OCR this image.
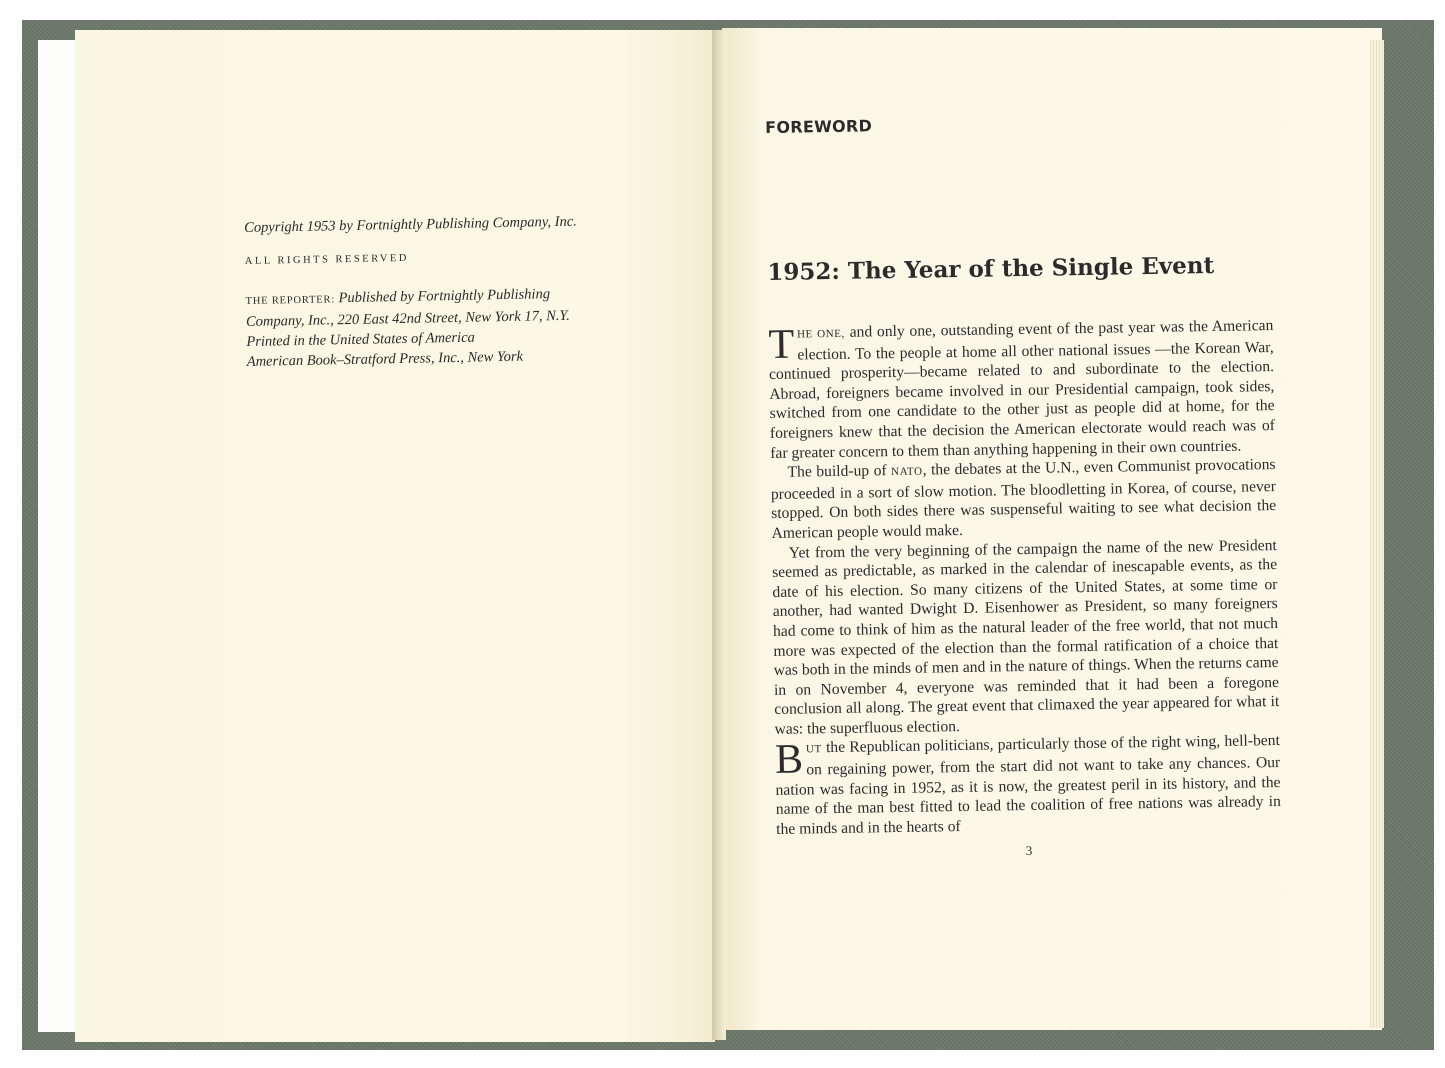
Copyright 1953 by Fortnightly Publishing Company, Inc.
ALL RIGHTS RESERVED
THE REPORTER: Published by Fortnightly Publishing
Company, Inc., 220 East 42nd Street, New York 17, N.Y.
Printed in the United States of America
American Book–Stratford Press, Inc., New York
FOREWORD
1952: The Year of the Single Event

THE ONE, and only one, outstanding event of the past year was the American election. To the people at home all other national issues —the Korean War, continued prosperity—became related to and subordinate to the election. Abroad, foreigners became involved in our Presidential campaign, took sides, switched from one candidate to the other just as people did at home, for the foreigners knew that the decision the American electorate would reach was of far greater concern to them than anything happening in their own countries.

The build-up of NATO, the debates at the U.N., even Communist provocations proceeded in a sort of slow motion. The bloodletting in Korea, of course, never stopped. On both sides there was suspenseful waiting to see what decision the American people would make.

Yet from the very beginning of the campaign the name of the new President seemed as predictable, as marked in the calendar of inescapable events, as the date of his election. So many citizens of the United States, at some time or another, had wanted Dwight D. Eisenhower as President, so many foreigners had come to think of him as the natural leader of the free world, that not much more was expected of the election than the formal ratification of a choice that was both in the minds of men and in the nature of things. When the returns came in on November 4, everyone was reminded that it had been a foregone conclusion all along. The great event that climaxed the year appeared for what it was: the superfluous election.

BUT the Republican politicians, particularly those of the right wing, hell-bent on regaining power, from the start did not want to take any chances. Our nation was facing in 1952, as it is now, the greatest peril in its history, and the name of the man best fitted to lead the coalition of free nations was already in the minds and in the hearts of

3
